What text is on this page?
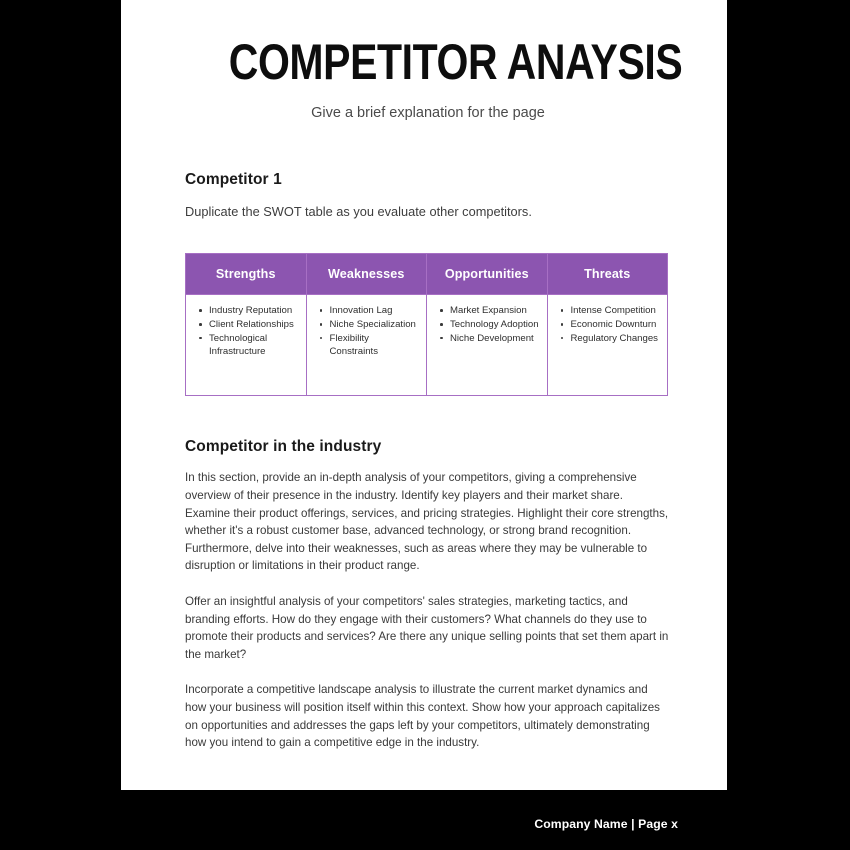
COMPETITOR ANAYSIS

Give a brief explanation for the page

Competitor 1

Duplicate the SWOT table as you evaluate other competitors.

Strengths	Weaknesses	Opportunities	Threats

Industry Reputation
Client Relationships
Technological Infrastructure

Innovation Lag
Niche Specialization
Flexibility Constraints

Market Expansion
Technology Adoption
Niche Development

Intense Competition
Economic Downturn
Regulatory Changes
Competitor in the industry

In this section, provide an in-depth analysis of your competitors, giving a comprehensive overview of their presence in the industry. Identify key players and their market share. Examine their product offerings, services, and pricing strategies. Highlight their core strengths, whether it's a robust customer base, advanced technology, or strong brand recognition. Furthermore, delve into their weaknesses, such as areas where they may be vulnerable to disruption or limitations in their product range.

Offer an insightful analysis of your competitors' sales strategies, marketing tactics, and branding efforts. How do they engage with their customers? What channels do they use to promote their products and services? Are there any unique selling points that set them apart in the market?

Incorporate a competitive landscape analysis to illustrate the current market dynamics and how your business will position itself within this context. Show how your approach capitalizes on opportunities and addresses the gaps left by your competitors, ultimately demonstrating how you intend to gain a competitive edge in the industry.

Company Name | Page x
